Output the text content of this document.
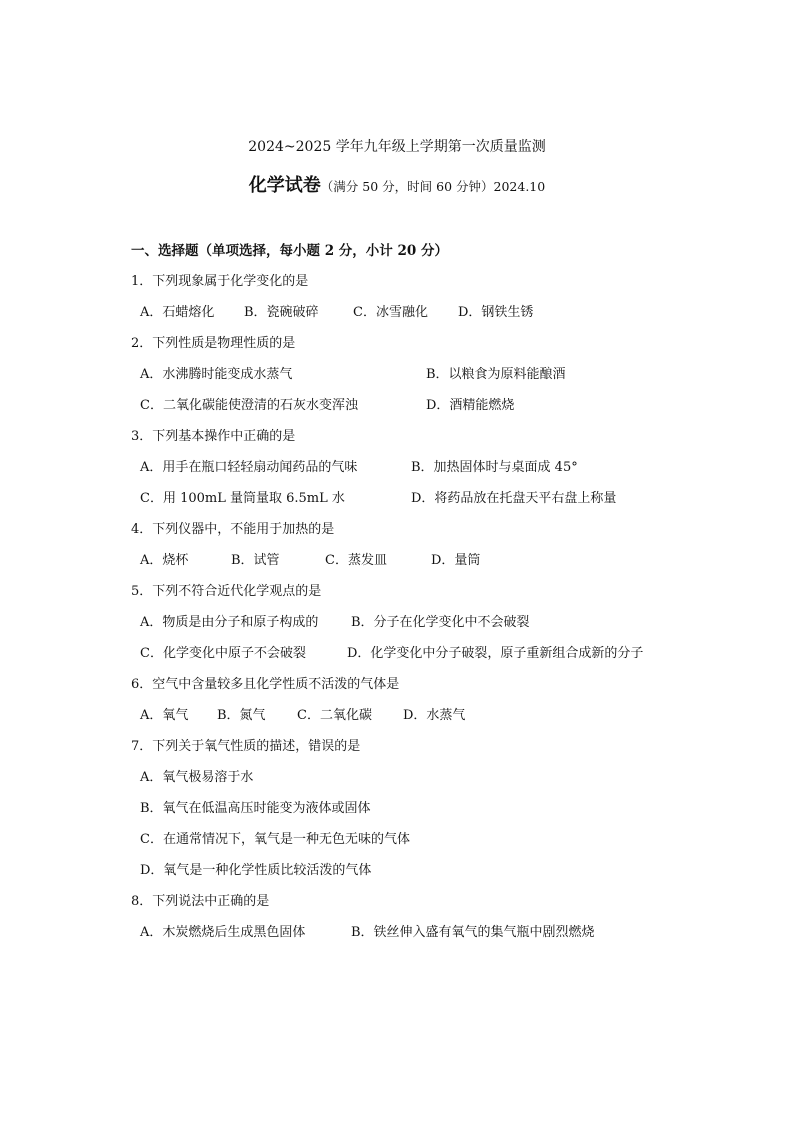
2024~2025 学年九年级上学期第一次质量监测
化学试卷（满分 50 分，时间 60 分钟）2024.10
一、选择题（单项选择，每小题 2 分，小计 20 分）
1．下列现象属于化学变化的是
A．石蜡熔化 B．瓷碗破碎	C．冰雪融化 D．钢铁生锈
2．下列性质是物理性质的是
A．水沸腾时能变成水蒸气	B．以粮食为原料能酿酒
C．二氧化碳能使澄清的石灰水变浑浊	D．酒精能燃烧
3．下列基本操作中正确的是
A．用手在瓶口轻轻扇动闻药品的气味	B．加热固体时与桌面成 45°
C．用 100mL 量筒量取 6.5mL 水	D．将药品放在托盘天平右盘上称量
4．下列仪器中，不能用于加热的是
A．烧杯	B．试管	C．蒸发皿	D．量筒
5．下列不符合近代化学观点的是
A．物质是由分子和原子构成的	B．分子在化学变化中不会破裂
C．化学变化中原子不会破裂	D．化学变化中分子破裂，原子重新组合成新的分子
6．空气中含量较多且化学性质不活泼的气体是
A．氧气 B．氮气 C．二氧化碳 D．水蒸气
7．下列关于氧气性质的描述，错误的是
A．氧气极易溶于水
B．氧气在低温高压时能变为液体或固体
C．在通常情况下，氧气是一种无色无味的气体
D．氧气是一种化学性质比较活泼的气体
8．下列说法中正确的是
A．木炭燃烧后生成黑色固体	B．铁丝伸入盛有氧气的集气瓶中剧烈燃烧
